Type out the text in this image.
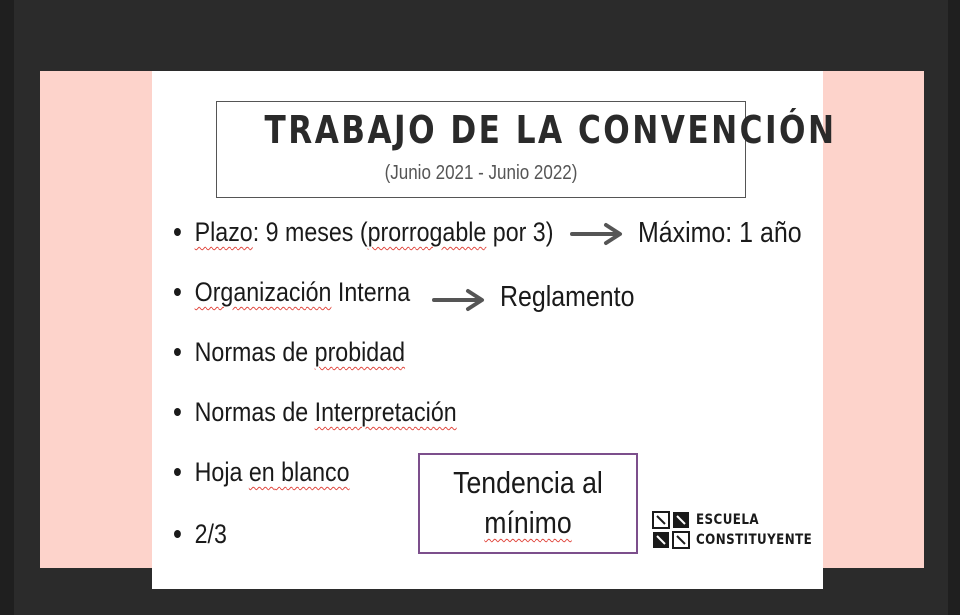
TRABAJO DE LA CONVENCIÓN
(Junio 2021 - Junio 2022)
Plazo: 9 meses (prorrogable por 3)	Máximo: 1 año
Organización Interna	Reglamento
Normas de probidad
Normas de Interpretación
Hoja en blanco
2/3
Tendencia al
mínimo	ESCUELA
CONSTITUYENTE
